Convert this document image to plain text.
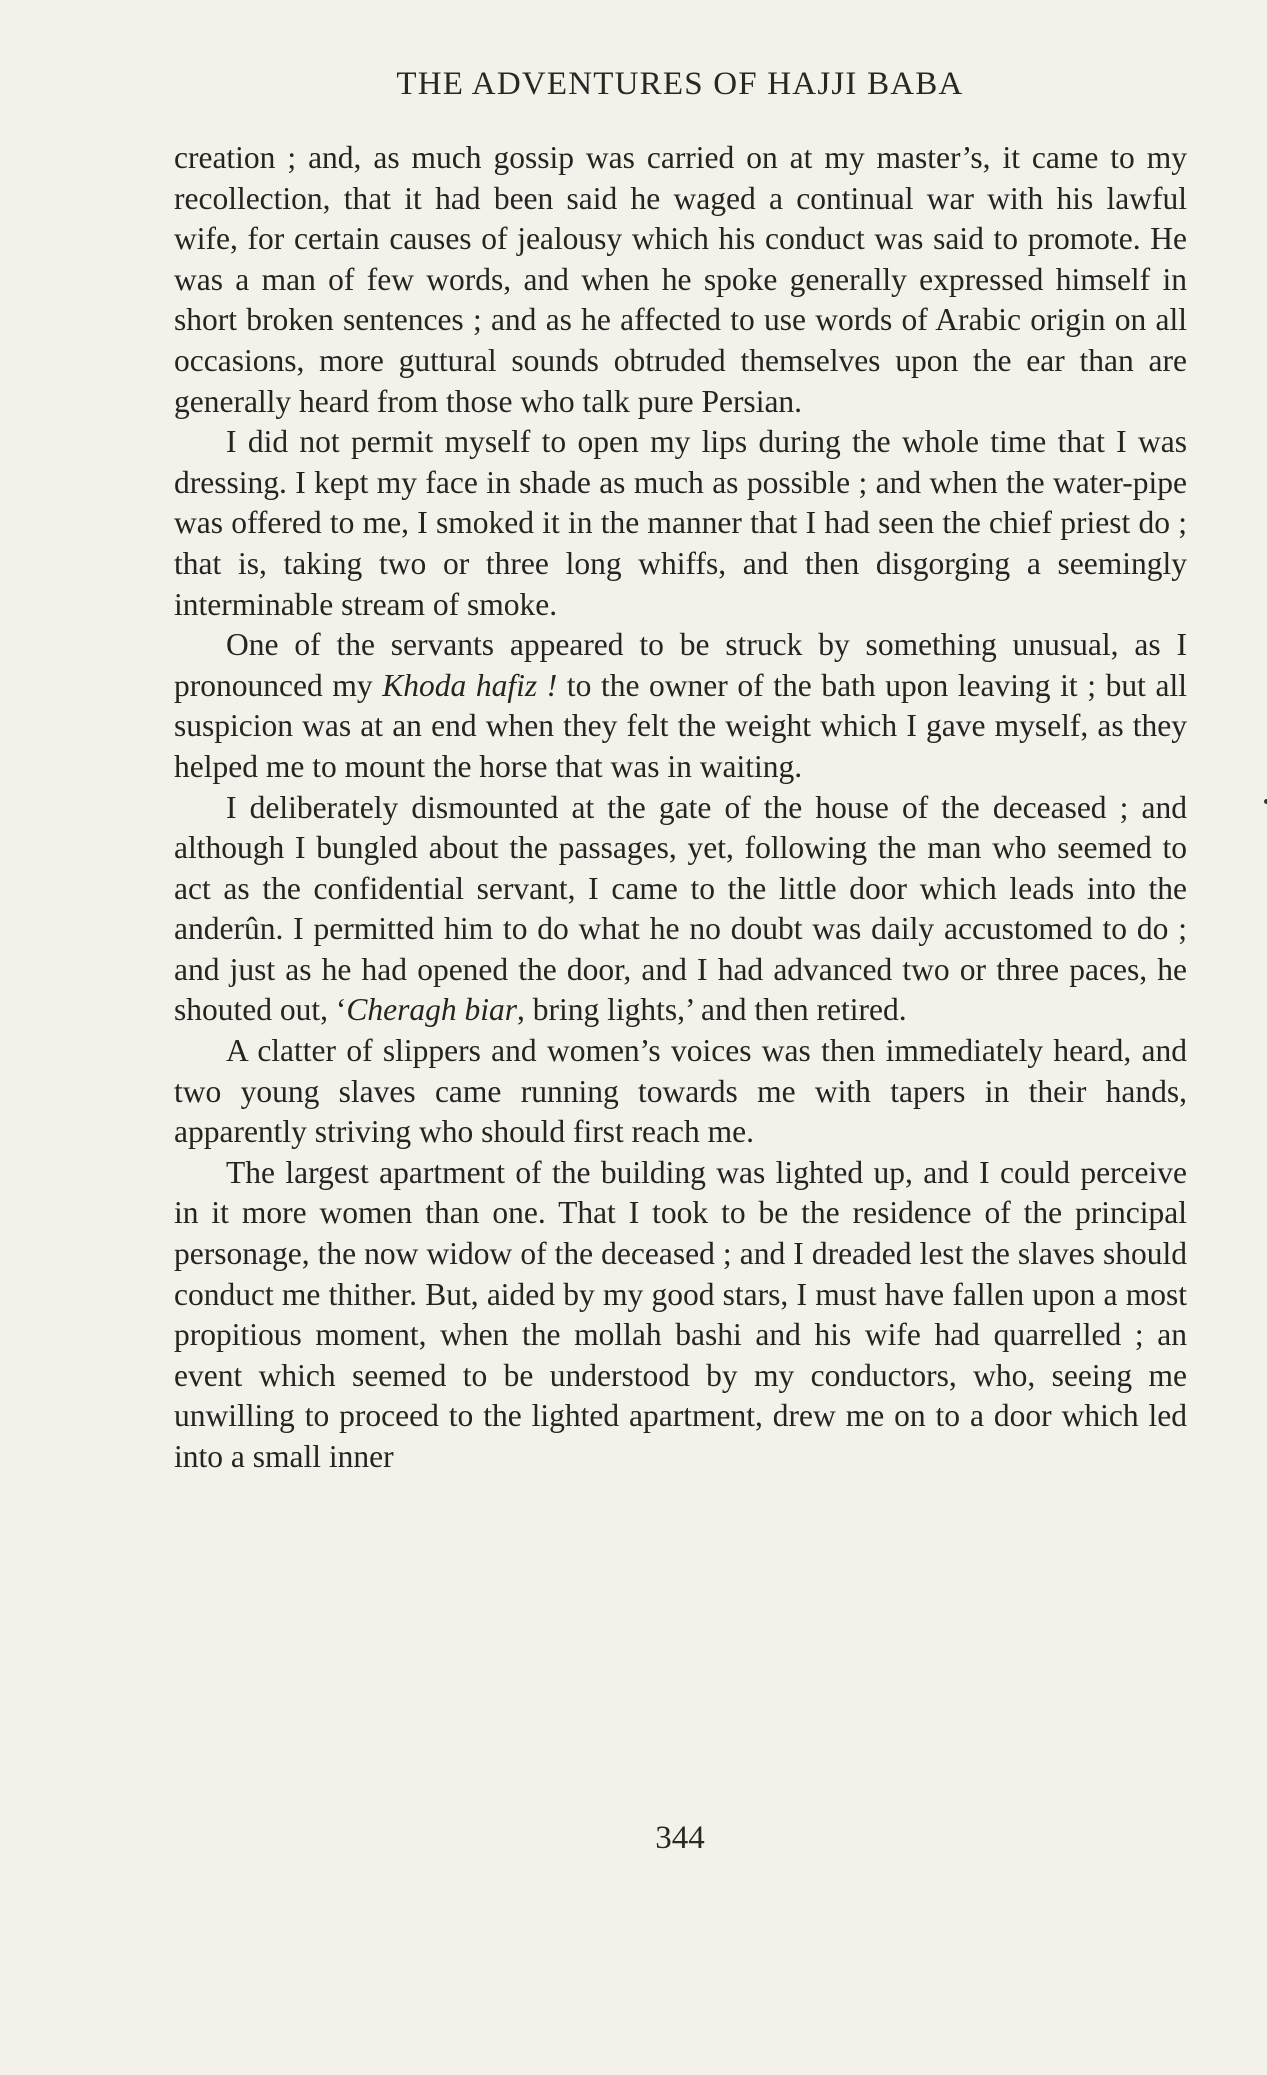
THE ADVENTURES OF HAJJI BABA

creation ; and, as much gossip was carried on at my master’s, it came to my recollection, that it had been said he waged a continual war with his lawful wife, for certain causes of jealousy which his conduct was said to promote. He was a man of few words, and when he spoke generally expressed himself in short broken sentences ; and as he affected to use words of Arabic origin on all occasions, more guttural sounds obtruded themselves upon the ear than are generally heard from those who talk pure Persian.

I did not permit myself to open my lips during the whole time that I was dressing. I kept my face in shade as much as possible ; and when the water-pipe was offered to me, I smoked it in the manner that I had seen the chief priest do ; that is, taking two or three long whiffs, and then disgorging a seemingly interminable stream of smoke.

One of the servants appeared to be struck by something unusual, as I pronounced my Khoda hafiz ! to the owner of the bath upon leaving it ; but all suspicion was at an end when they felt the weight which I gave myself, as they helped me to mount the horse that was in waiting.

I deliberately dismounted at the gate of the house of the deceased ; and although I bungled about the passages, yet, following the man who seemed to act as the confidential servant, I came to the little door which leads into the anderûn. I permitted him to do what he no doubt was daily accustomed to do ; and just as he had opened the door, and I had advanced two or three paces, he shouted out, ‘Cheragh biar, bring lights,’ and then retired.

A clatter of slippers and women’s voices was then immediately heard, and two young slaves came running towards me with tapers in their hands, apparently striving who should first reach me.

The largest apartment of the building was lighted up, and I could perceive in it more women than one. That I took to be the residence of the principal personage, the now widow of the deceased ; and I dreaded lest the slaves should conduct me thither. But, aided by my good stars, I must have fallen upon a most propitious moment, when the mollah bashi and his wife had quarrelled ; an event which seemed to be understood by my conductors, who, seeing me unwilling to proceed to the lighted apartment, drew me on to a door which led into a small inner

344
